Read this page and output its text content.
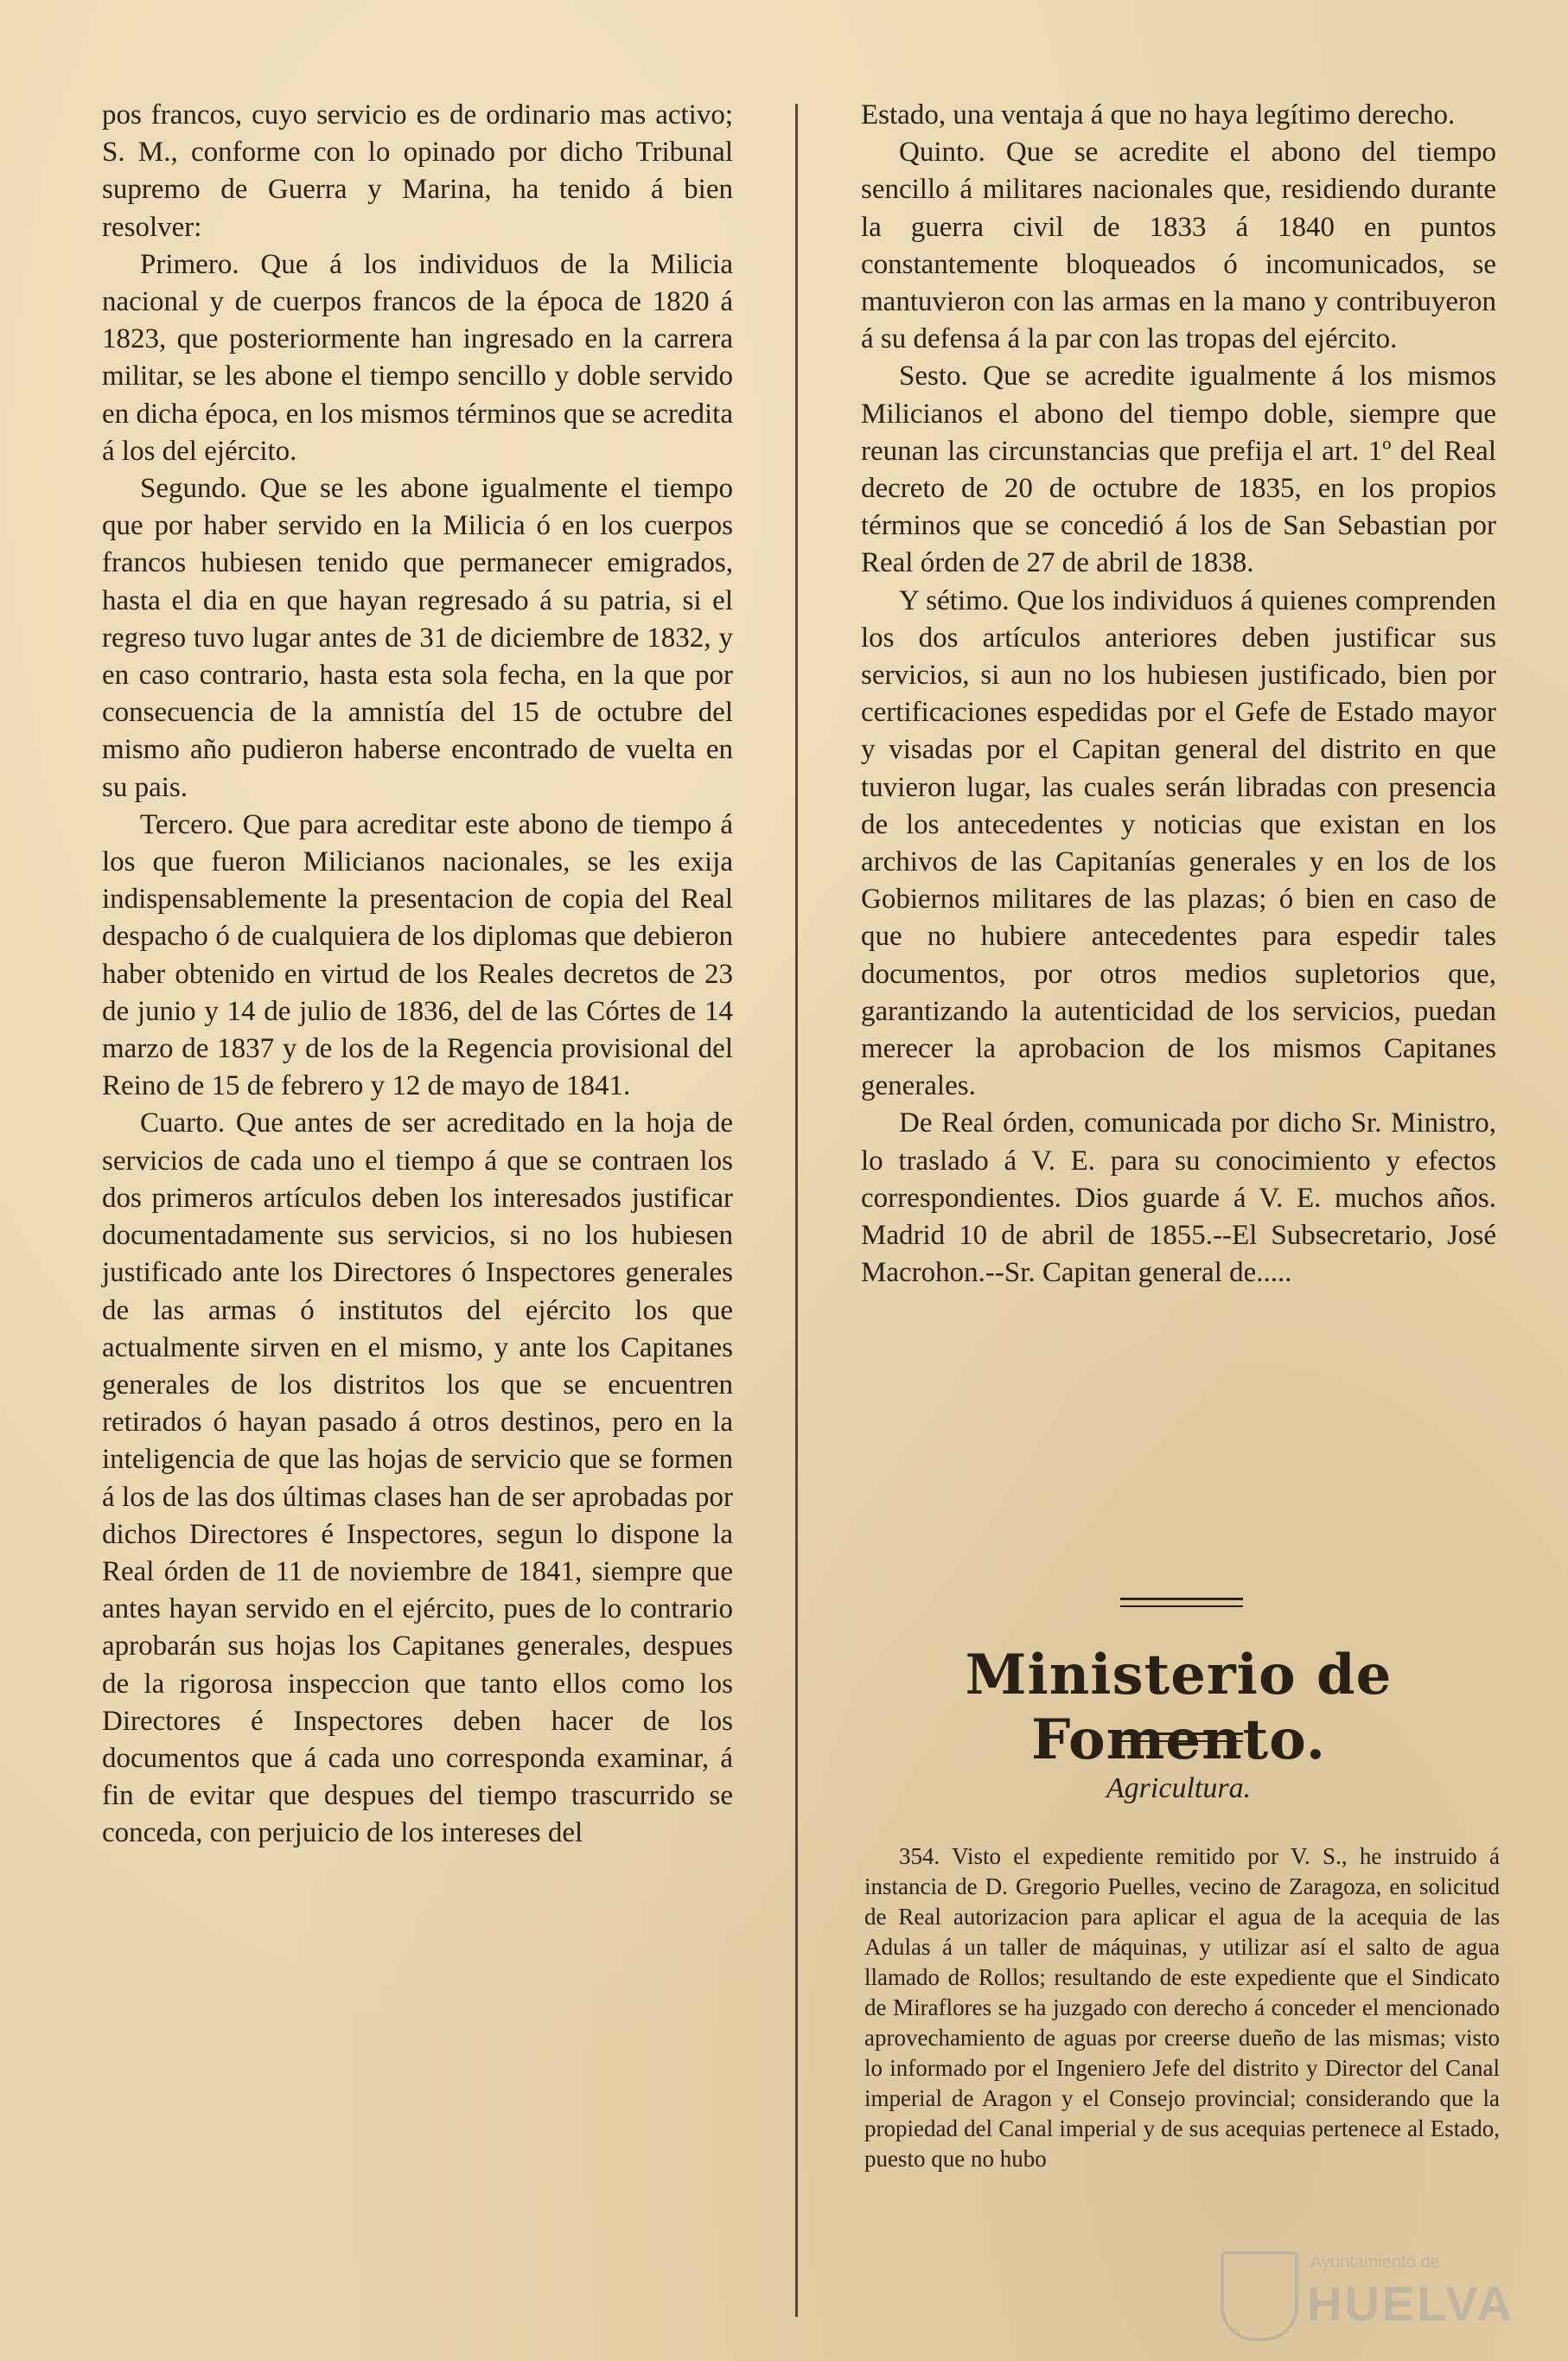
pos francos, cuyo servicio es de ordinario mas activo; S. M., conforme con lo opinado por dicho Tribunal supremo de Guerra y Marina, ha tenido á bien resolver:

Primero. Que á los individuos de la Milicia nacional y de cuerpos francos de la época de 1820 á 1823, que posteriormente han ingresado en la carrera militar, se les abone el tiempo sencillo y doble servido en dicha época, en los mismos términos que se acredita á los del ejército.

Segundo. Que se les abone igualmente el tiempo que por haber servido en la Milicia ó en los cuerpos francos hubiesen tenido que permanecer emigrados, hasta el dia en que hayan regresado á su patria, si el regreso tuvo lugar antes de 31 de diciembre de 1832, y en caso contrario, hasta esta sola fecha, en la que por consecuencia de la amnistía del 15 de octubre del mismo año pudieron haberse encontrado de vuelta en su pais.

Tercero. Que para acreditar este abono de tiempo á los que fueron Milicianos nacionales, se les exija indispensablemente la presentacion de copia del Real despacho ó de cualquiera de los diplomas que debieron haber obtenido en virtud de los Reales decretos de 23 de junio y 14 de julio de 1836, del de las Córtes de 14 marzo de 1837 y de los de la Regencia provisional del Reino de 15 de febrero y 12 de mayo de 1841.

Cuarto. Que antes de ser acreditado en la hoja de servicios de cada uno el tiempo á que se contraen los dos primeros artículos deben los interesados justificar documentadamente sus servicios, si no los hubiesen justificado ante los Directores ó Inspectores generales de las armas ó institutos del ejército los que actualmente sirven en el mismo, y ante los Capitanes generales de los distritos los que se encuentren retirados ó hayan pasado á otros destinos, pero en la inteligencia de que las hojas de servicio que se formen á los de las dos últimas clases han de ser aprobadas por dichos Directores é Inspectores, segun lo dispone la Real órden de 11 de noviembre de 1841, siempre que antes hayan servido en el ejército, pues de lo contrario aprobarán sus hojas los Capitanes generales, despues de la rigorosa inspeccion que tanto ellos como los Directores é Inspectores deben hacer de los documentos que á cada uno corresponda examinar, á fin de evitar que despues del tiempo trascurrido se conceda, con perjuicio de los intereses del

Estado, una ventaja á que no haya legítimo derecho.

Quinto. Que se acredite el abono del tiempo sencillo á militares nacionales que, residiendo durante la guerra civil de 1833 á 1840 en puntos constantemente bloqueados ó incomunicados, se mantuvieron con las armas en la mano y contribuyeron á su defensa á la par con las tropas del ejército.

Sesto. Que se acredite igualmente á los mismos Milicianos el abono del tiempo doble, siempre que reunan las circunstancias que prefija el art. 1º del Real decreto de 20 de octubre de 1835, en los propios términos que se concedió á los de San Sebastian por Real órden de 27 de abril de 1838.

Y sétimo. Que los individuos á quienes comprenden los dos artículos anteriores deben justificar sus servicios, si aun no los hubiesen justificado, bien por certificaciones espedidas por el Gefe de Estado mayor y visadas por el Capitan general del distrito en que tuvieron lugar, las cuales serán libradas con presencia de los antecedentes y noticias que existan en los archivos de las Capitanías generales y en los de los Gobiernos militares de las plazas; ó bien en caso de que no hubiere antecedentes para espedir tales documentos, por otros medios supletorios que, garantizando la autenticidad de los servicios, puedan merecer la aprobacion de los mismos Capitanes generales.

De Real órden, comunicada por dicho Sr. Ministro, lo traslado á V. E. para su conocimiento y efectos correspondientes. Dios guarde á V. E. muchos años. Madrid 10 de abril de 1855.--El Subsecretario, José Macrohon.--Sr. Capitan general de.....

Ministerio de Fomento.
Agricultura.

354. Visto el expediente remitido por V. S., he instruido á instancia de D. Gregorio Puelles, vecino de Zaragoza, en solicitud de Real autorizacion para aplicar el agua de la acequia de las Adulas á un taller de máquinas, y utilizar así el salto de agua llamado de Rollos; resultando de este expediente que el Sindicato de Miraflores se ha juzgado con derecho á conceder el mencionado aprovechamiento de aguas por creerse dueño de las mismas; visto lo informado por el Ingeniero Jefe del distrito y Director del Canal imperial de Aragon y el Consejo provincial; considerando que la propiedad del Canal imperial y de sus acequias pertenece al Estado, puesto que no hubo

Ayuntamiento de
HUELVA
